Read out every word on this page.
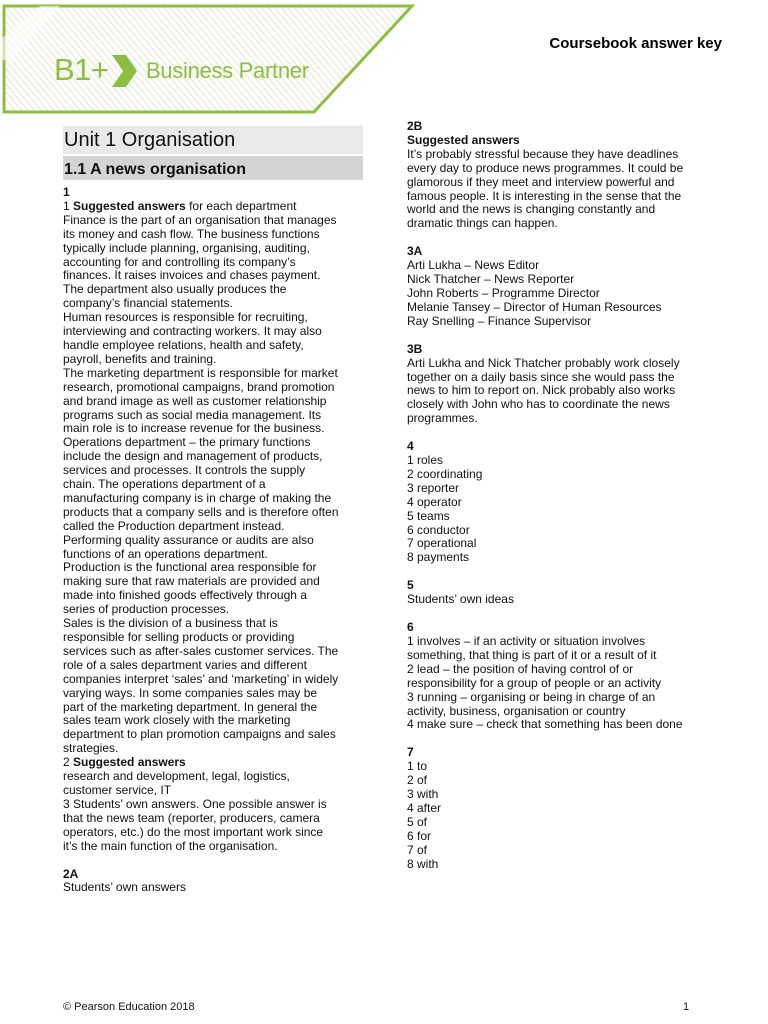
B1+ Business Partner
Coursebook answer key
Unit 1 Organisation
1.1 A news organisation
1
1 Suggested answers for each department
Finance is the part of an organisation that manages
its money and cash flow. The business functions
typically include planning, organising, auditing,
accounting for and controlling its company’s
finances. It raises invoices and chases payment.
The department also usually produces the
company’s financial statements.
Human resources is responsible for recruiting,
interviewing and contracting workers. It may also
handle employee relations, health and safety,
payroll, benefits and training.
The marketing department is responsible for market
research, promotional campaigns, brand promotion
and brand image as well as customer relationship
programs such as social media management. Its
main role is to increase revenue for the business.
Operations department – the primary functions
include the design and management of products,
services and processes. It controls the supply
chain. The operations department of a
manufacturing company is in charge of making the
products that a company sells and is therefore often
called the Production department instead.
Performing quality assurance or audits are also
functions of an operations department.
Production is the functional area responsible for
making sure that raw materials are provided and
made into finished goods effectively through a
series of production processes.
Sales is the division of a business that is
responsible for selling products or providing
services such as after-sales customer services. The
role of a sales department varies and different
companies interpret ‘sales’ and ‘marketing’ in widely
varying ways. In some companies sales may be
part of the marketing department. In general the
sales team work closely with the marketing
department to plan promotion campaigns and sales
strategies.
2 Suggested answers
research and development, legal, logistics,
customer service, IT
3 Students’ own answers. One possible answer is
that the news team (reporter, producers, camera
operators, etc.) do the most important work since
it’s the main function of the organisation.
2A
Students’ own answers
2B
Suggested answers
It’s probably stressful because they have deadlines
every day to produce news programmes. It could be
glamorous if they meet and interview powerful and
famous people. It is interesting in the sense that the
world and the news is changing constantly and
dramatic things can happen.
3A
Arti Lukha – News Editor
Nick Thatcher – News Reporter
John Roberts – Programme Director
Melanie Tansey – Director of Human Resources
Ray Snelling – Finance Supervisor
3B
Arti Lukha and Nick Thatcher probably work closely
together on a daily basis since she would pass the
news to him to report on. Nick probably also works
closely with John who has to coordinate the news
programmes.
4
1 roles
2 coordinating
3 reporter
4 operator
5 teams
6 conductor
7 operational
8 payments
5
Students’ own ideas
6
1 involves – if an activity or situation involves
something, that thing is part of it or a result of it
2 lead – the position of having control of or
responsibility for a group of people or an activity
3 running – organising or being in charge of an
activity, business, organisation or country
4 make sure – check that something has been done
7
1 to
2 of
3 with
4 after
5 of
6 for
7 of
8 with
© Pearson Education 2018	1
